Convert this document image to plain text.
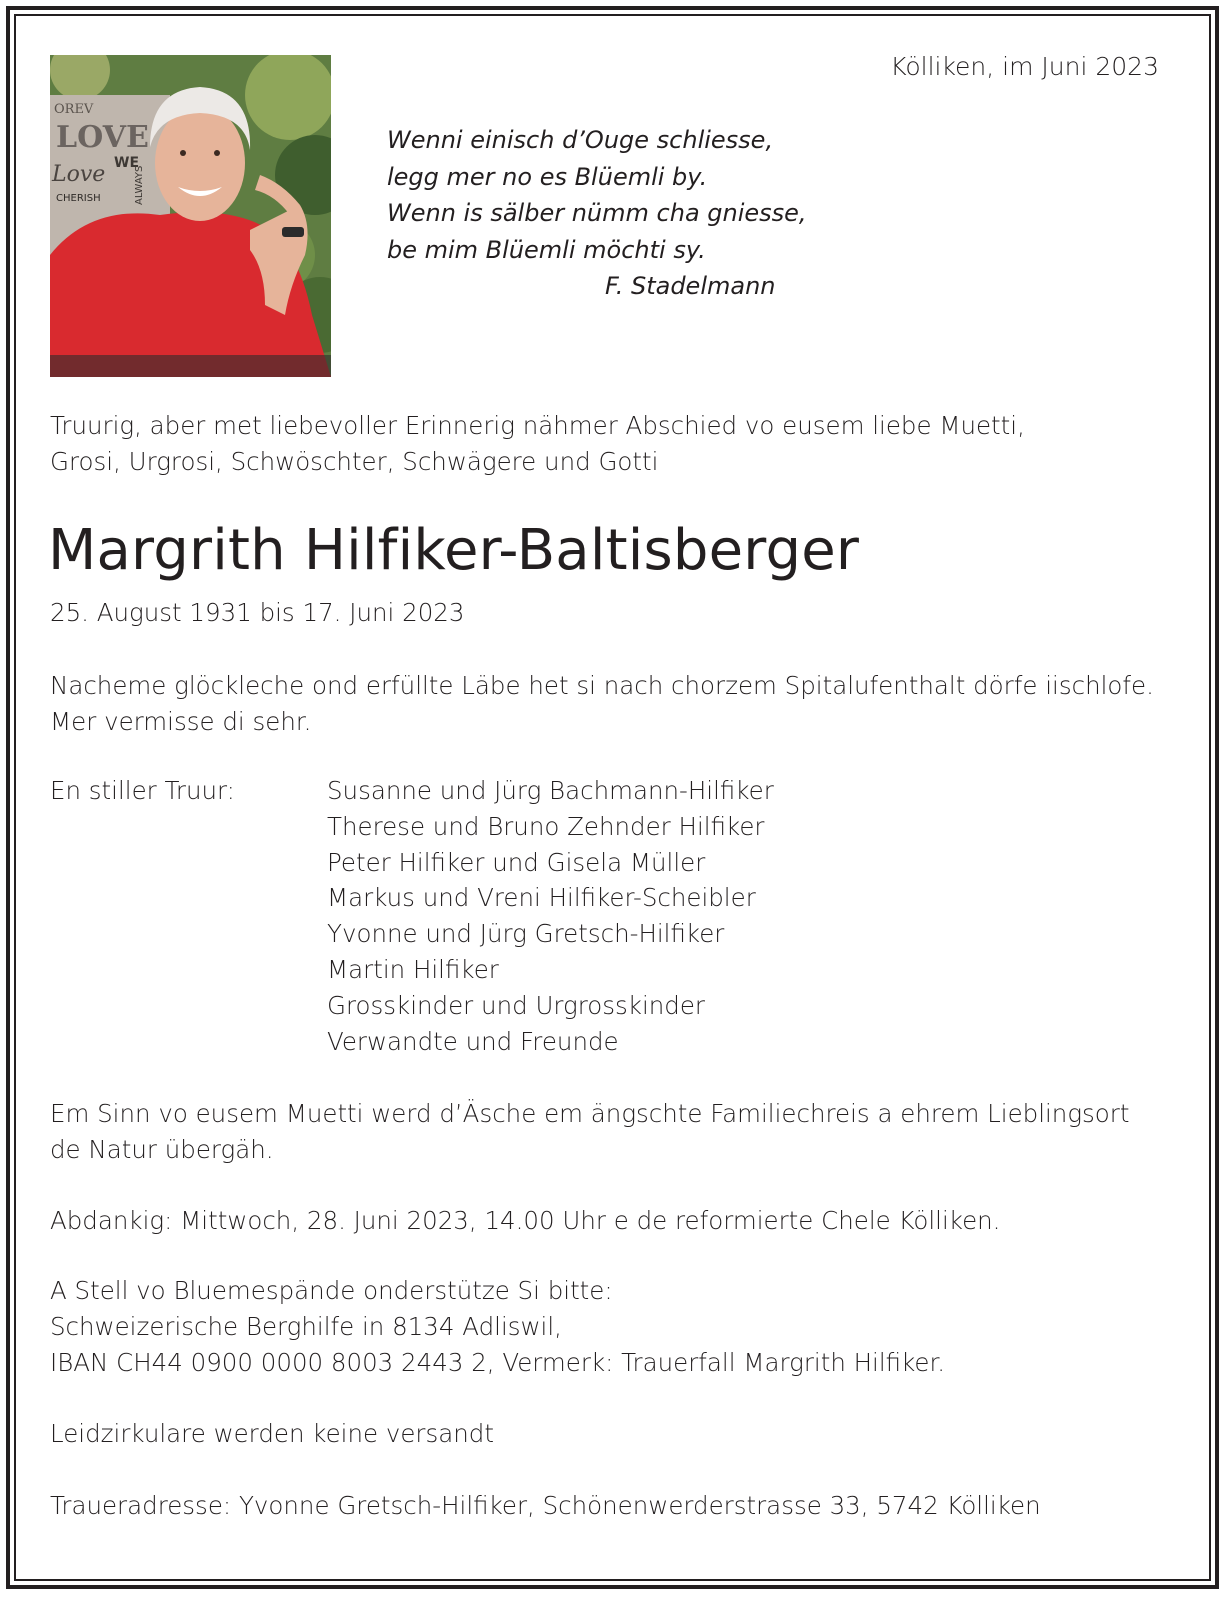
OREV
LOVE
WE
Love
CHERISH	ALWAYS
Kölliken, im Juni 2023
Wenni einisch d’Ouge schliesse,
legg mer no es Blüemli by.
Wenn is sälber nümm cha gniesse,
be mim Blüemli möchti sy.
F. Stadelmann
Truurig, aber met liebevoller Erinnerig nähmer Abschied vo eusem liebe Muetti,
Grosi, Urgrosi, Schwöschter, Schwägere und Gotti
Margrith Hilfiker-Baltisberger
25. August 1931 bis 17. Juni 2023
Nacheme glöckleche ond erfüllte Läbe het si nach chorzem Spitalufenthalt dörfe iischlofe.
Mer vermisse di sehr.
En stiller Truur:	Susanne und Jürg Bachmann-Hilfiker
Therese und Bruno Zehnder Hilfiker
Peter Hilfiker und Gisela Müller
Markus und Vreni Hilfiker-Scheibler
Yvonne und Jürg Gretsch-Hilfiker
Martin Hilfiker
Grosskinder und Urgrosskinder
Verwandte und Freunde
Em Sinn vo eusem Muetti werd d’Äsche em ängschte Familiechreis a ehrem Lieblingsort
de Natur übergäh.
Abdankig: Mittwoch, 28. Juni 2023, 14.00 Uhr e de reformierte Chele Kölliken.
A Stell vo Bluemespände onderstütze Si bitte:
Schweizerische Berghilfe in 8134 Adliswil,
IBAN CH44 0900 0000 8003 2443 2, Vermerk: Trauerfall Margrith Hilfiker.
Leidzirkulare werden keine versandt
Traueradresse: Yvonne Gretsch-Hilfiker, Schönenwerderstrasse 33, 5742 Kölliken
